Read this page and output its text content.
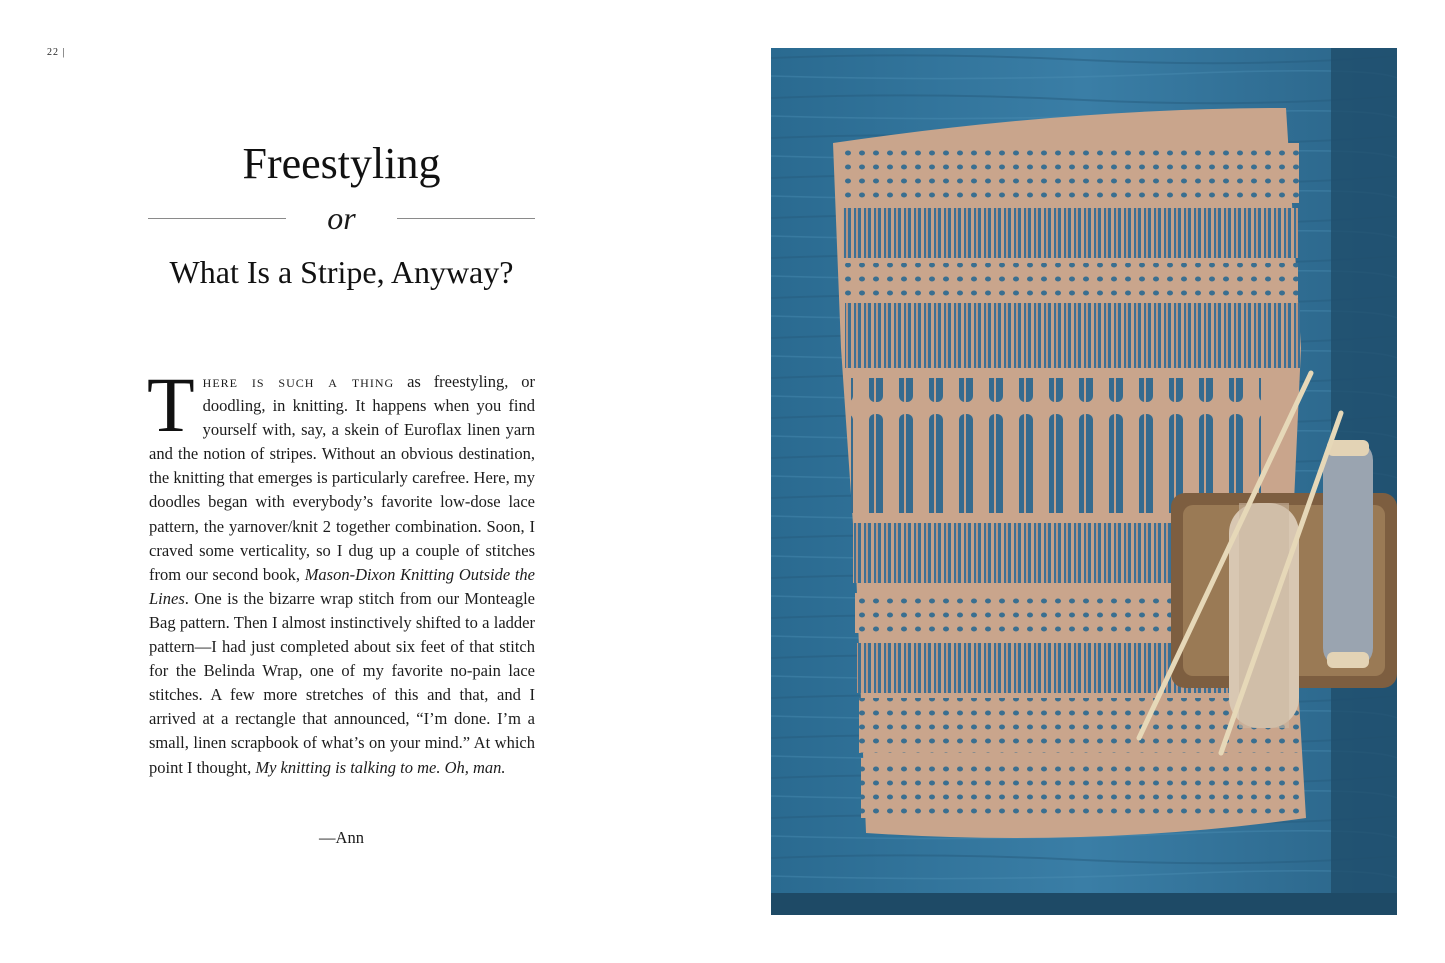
22 |
Freestyling
or
What Is a Stripe, Anyway?
There is such a thing as freestyling, or doodling, in knitting. It happens when you find yourself with, say, a skein of Euroflax linen yarn and the notion of stripes. Without an obvious destination, the knitting that emerges is particularly carefree. Here, my doodles began with everybody’s favorite low-dose lace pattern, the yarnover/knit 2 together combination. Soon, I craved some verticality, so I dug up a couple of stitches from our second book, Mason-Dixon Knitting Outside the Lines. One is the bizarre wrap stitch from our Monteagle Bag pattern. Then I almost instinctively shifted to a ladder pattern—I had just completed about six feet of that stitch for the Belinda Wrap, one of my favorite no-pain lace stitches. A few more stretches of this and that, and I arrived at a rectangle that announced, “I’m done. I’m a small, linen scrapbook of what’s on your mind.” At which point I thought, My knitting is talking to me. Oh, man.
—Ann
